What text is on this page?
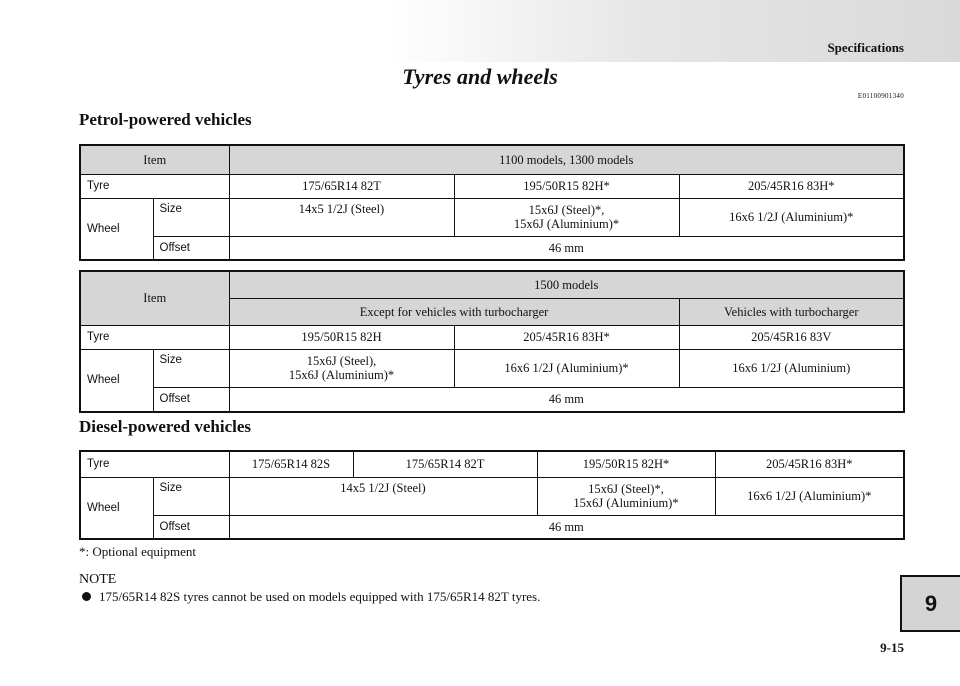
Specifications
Tyres and wheels
E01100901340
Petrol-powered vehicles
Item		1100 models, 1300 models		
Tyre		175/65R14 82T	195/50R15 82H*	205/45R16 83H*
Wheel	Size	14x5 1/2J (Steel)	15x6J (Steel)*,
15x6J (Aluminium)*	16x6 1/2J (Aluminium)*
	Offset	46 mm		
Item		1500 models		
		Except for vehicles with turbocharger		Vehicles with turbocharger
Tyre		195/50R15 82H	205/45R16 83H*	205/45R16 83V
Wheel	Size	15x6J (Steel),
15x6J (Aluminium)*	16x6 1/2J (Aluminium)*	16x6 1/2J (Aluminium)
	Offset	46 mm		
Diesel-powered vehicles
Tyre		175/65R14 82S	175/65R14 82T	195/50R15 82H*	205/45R16 83H*
Wheel	Size	14x5 1/2J (Steel)		15x6J (Steel)*,
15x6J (Aluminium)*	16x6 1/2J (Aluminium)*
	Offset	46 mm			
*: Optional equipment
NOTE
175/65R14 82S tyres cannot be used on models equipped with 175/65R14 82T tyres.	9
9-15
